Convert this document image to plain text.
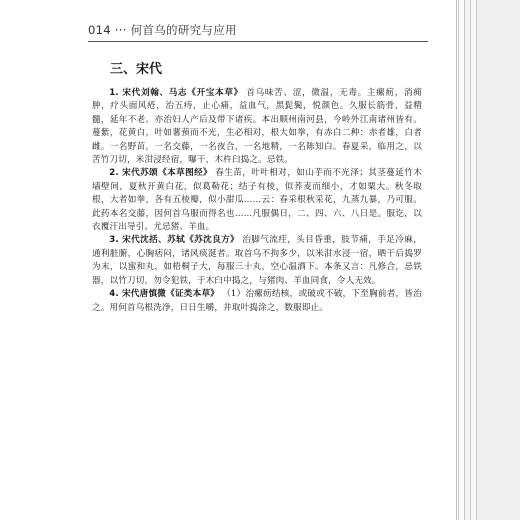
014 ··· 何首乌的研究与应用
三、宋代

1. 宋代刘翰、马志《开宝本草》 首乌味苦、涩，微温，无毒。主瘰疬，消痈肿，疗头面风疮，治五痔，止心痛，益血气，黑髭鬓，悦颜色。久服长筋骨，益精髓，延年不老。亦治妇人产后及带下诸疾。本出顺州南河县，今岭外江南诸州皆有。蔓紫，花黄白，叶如薯蓣而不光，生必相对，根大如拳，有赤白二种：赤者雄，白者雌。一名野苗，一名交藤，一名夜合，一名地精，一名陈知白。春夏采，临用之，以苦竹刀切，米泔浸经宿，曝干，木杵臼捣之。忌铁。

2. 宋代苏颂《本草图经》 春生苗，叶叶相对，如山芋而不光泽；其茎蔓延竹木墙壁间，夏秋开黄白花，似葛勒花；结子有棱，似荞麦而细小，才如粟大。秋冬取根，大者如拳，各有五棱瓣，似小甜瓜……云：春采根秋采花，九蒸九暴，乃可服。此药本名交藤，因何首乌服而得名也……凡服偶日，二、四、六、八日是。服讫，以衣覆汗出导引。尤忌猪、羊血。

3. 宋代沈括、苏轼《苏沈良方》 治脚气流疰，头目昏重，肢节痛，手足冷麻，通利脏腑，心胸痞闷，诸风痰涎者。取首乌不拘多少，以米泔水浸一宿，晒干后捣罗为末，以蜜和丸，如梧桐子大，每服三十丸，空心温酒下。本条又言：凡修合，忌铁器，以竹刀切，勿令犯铁，于木臼中捣之，与猪肉、羊血同食，令人无效。

4. 宋代唐慎微《证类本草》 （1）治瘰疬结核，或破或不破，下至胸前者，皆治之。用何首乌根洗净，日日生嚼，并取叶捣涂之，数服即止。
